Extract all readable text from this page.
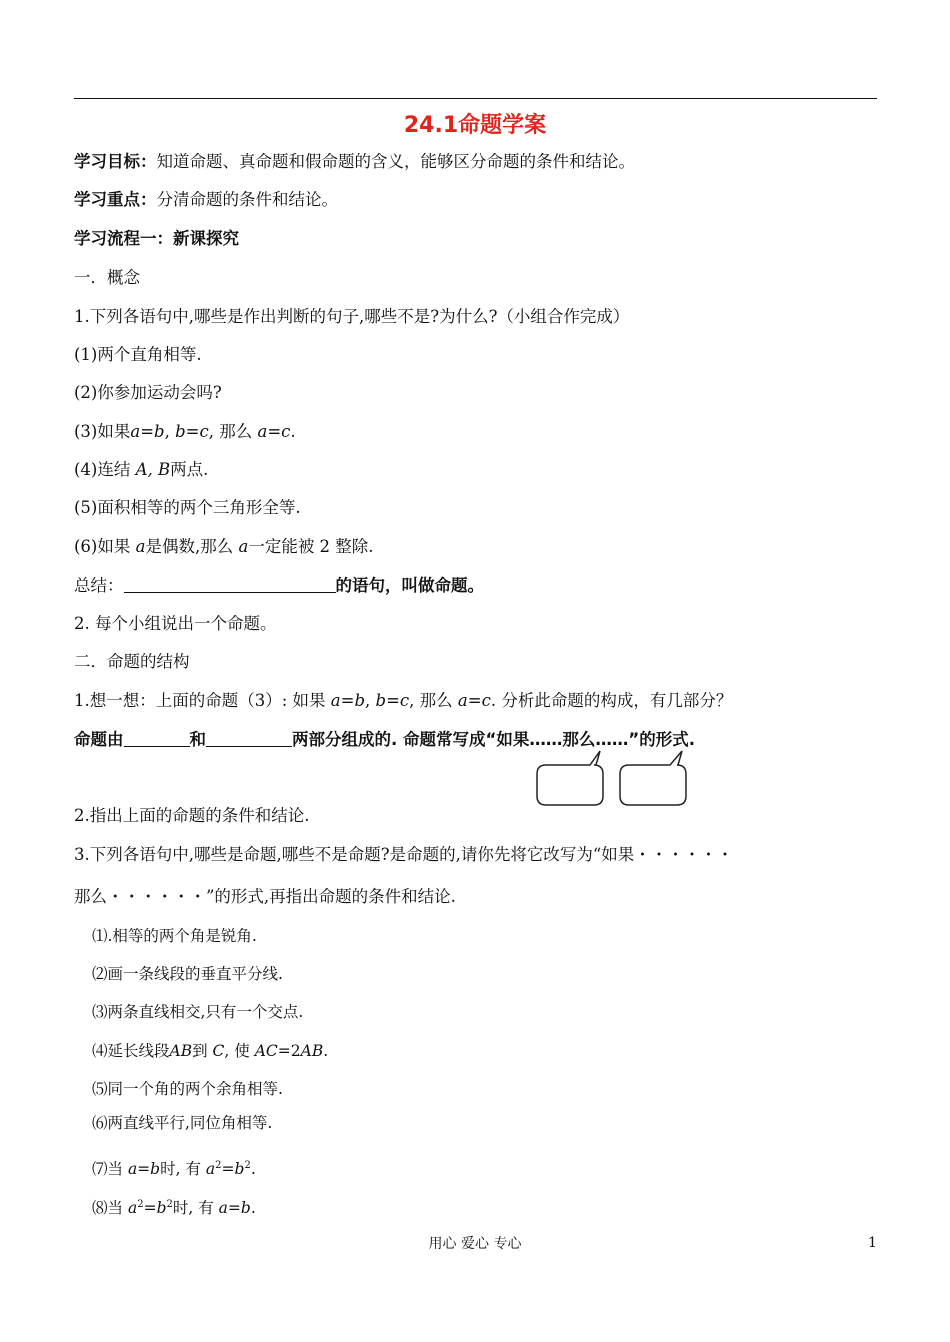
24.1命题学案
学习目标：知道命题、真命题和假命题的含义，能够区分命题的条件和结论。
学习重点：分清命题的条件和结论。
学习流程一：新课探究
一．概念
1.下列各语句中,哪些是作出判断的句子,哪些不是?为什么?（小组合作完成）
(1)两个直角相等.
(2)你参加运动会吗?
(3)如果a=b, b=c, 那么 a=c.
(4)连结 A, B两点.
(5)面积相等的两个三角形全等.
(6)如果 a是偶数,那么 a一定能被 2 整除.
总结：	的语句，叫做命题。
2. 每个小组说出一个命题。
二．命题的结构
1.想一想：上面的命题（3）: 如果 a=b, b=c, 那么 a=c. 分析此命题的构成，有几部分？
命题由	和	两部分组成的. 命题常写成“如果……那么……”的形式.
2.指出上面的命题的条件和结论.
3.下列各语句中,哪些是命题,哪些不是命题?是命题的,请你先将它改写为“如果・・・・・・
那么・・・・・・”的形式,再指出命题的条件和结论.
⑴.相等的两个角是锐角.
⑵画一条线段的垂直平分线.
⑶两条直线相交,只有一个交点.
⑷延长线段AB到 C, 使 AC=2AB.
⑸同一个角的两个余角相等.
⑹两直线平行,同位角相等.
⑺当 a=b时, 有 $a^2=b^2$.
⑻当 $a^2=b^2$时, 有 a=b.
用心 爱心 专心	1
